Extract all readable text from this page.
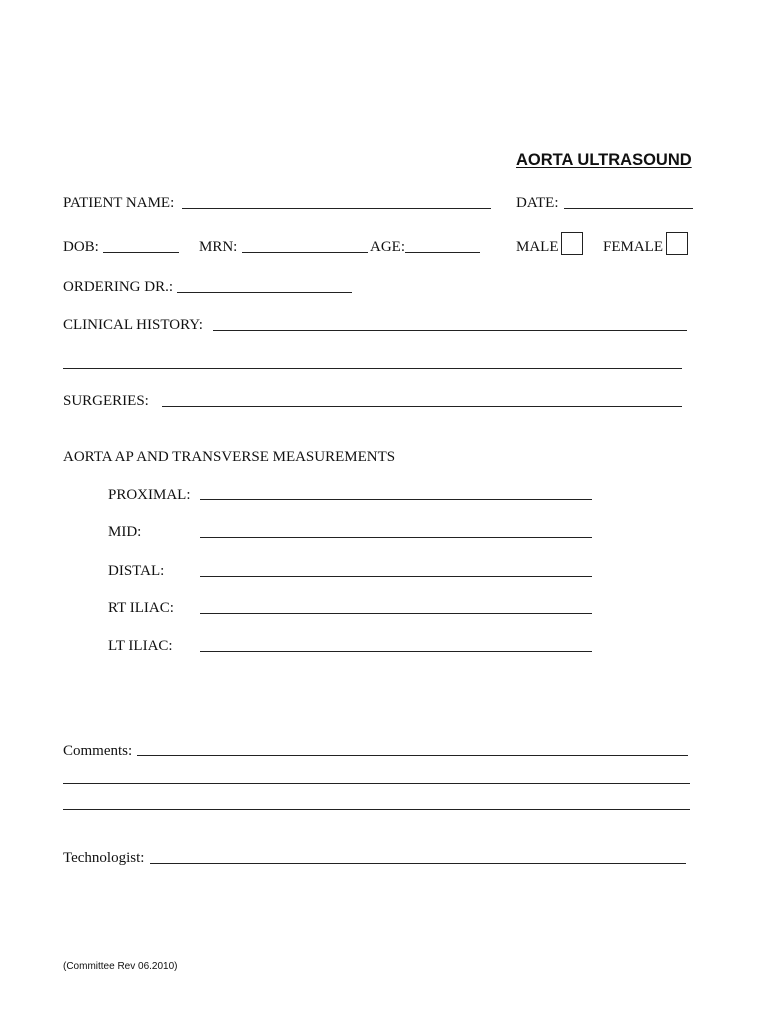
AORTA ULTRASOUND
PATIENT NAME:	DATE:
DOB:	MRN:	AGE:	MALE	FEMALE
ORDERING DR.:
CLINICAL HISTORY:
SURGERIES:
AORTA AP AND TRANSVERSE MEASUREMENTS
PROXIMAL:
MID:
DISTAL:
RT ILIAC:
LT ILIAC:
Comments:
Technologist:
(Committee Rev 06.2010)
